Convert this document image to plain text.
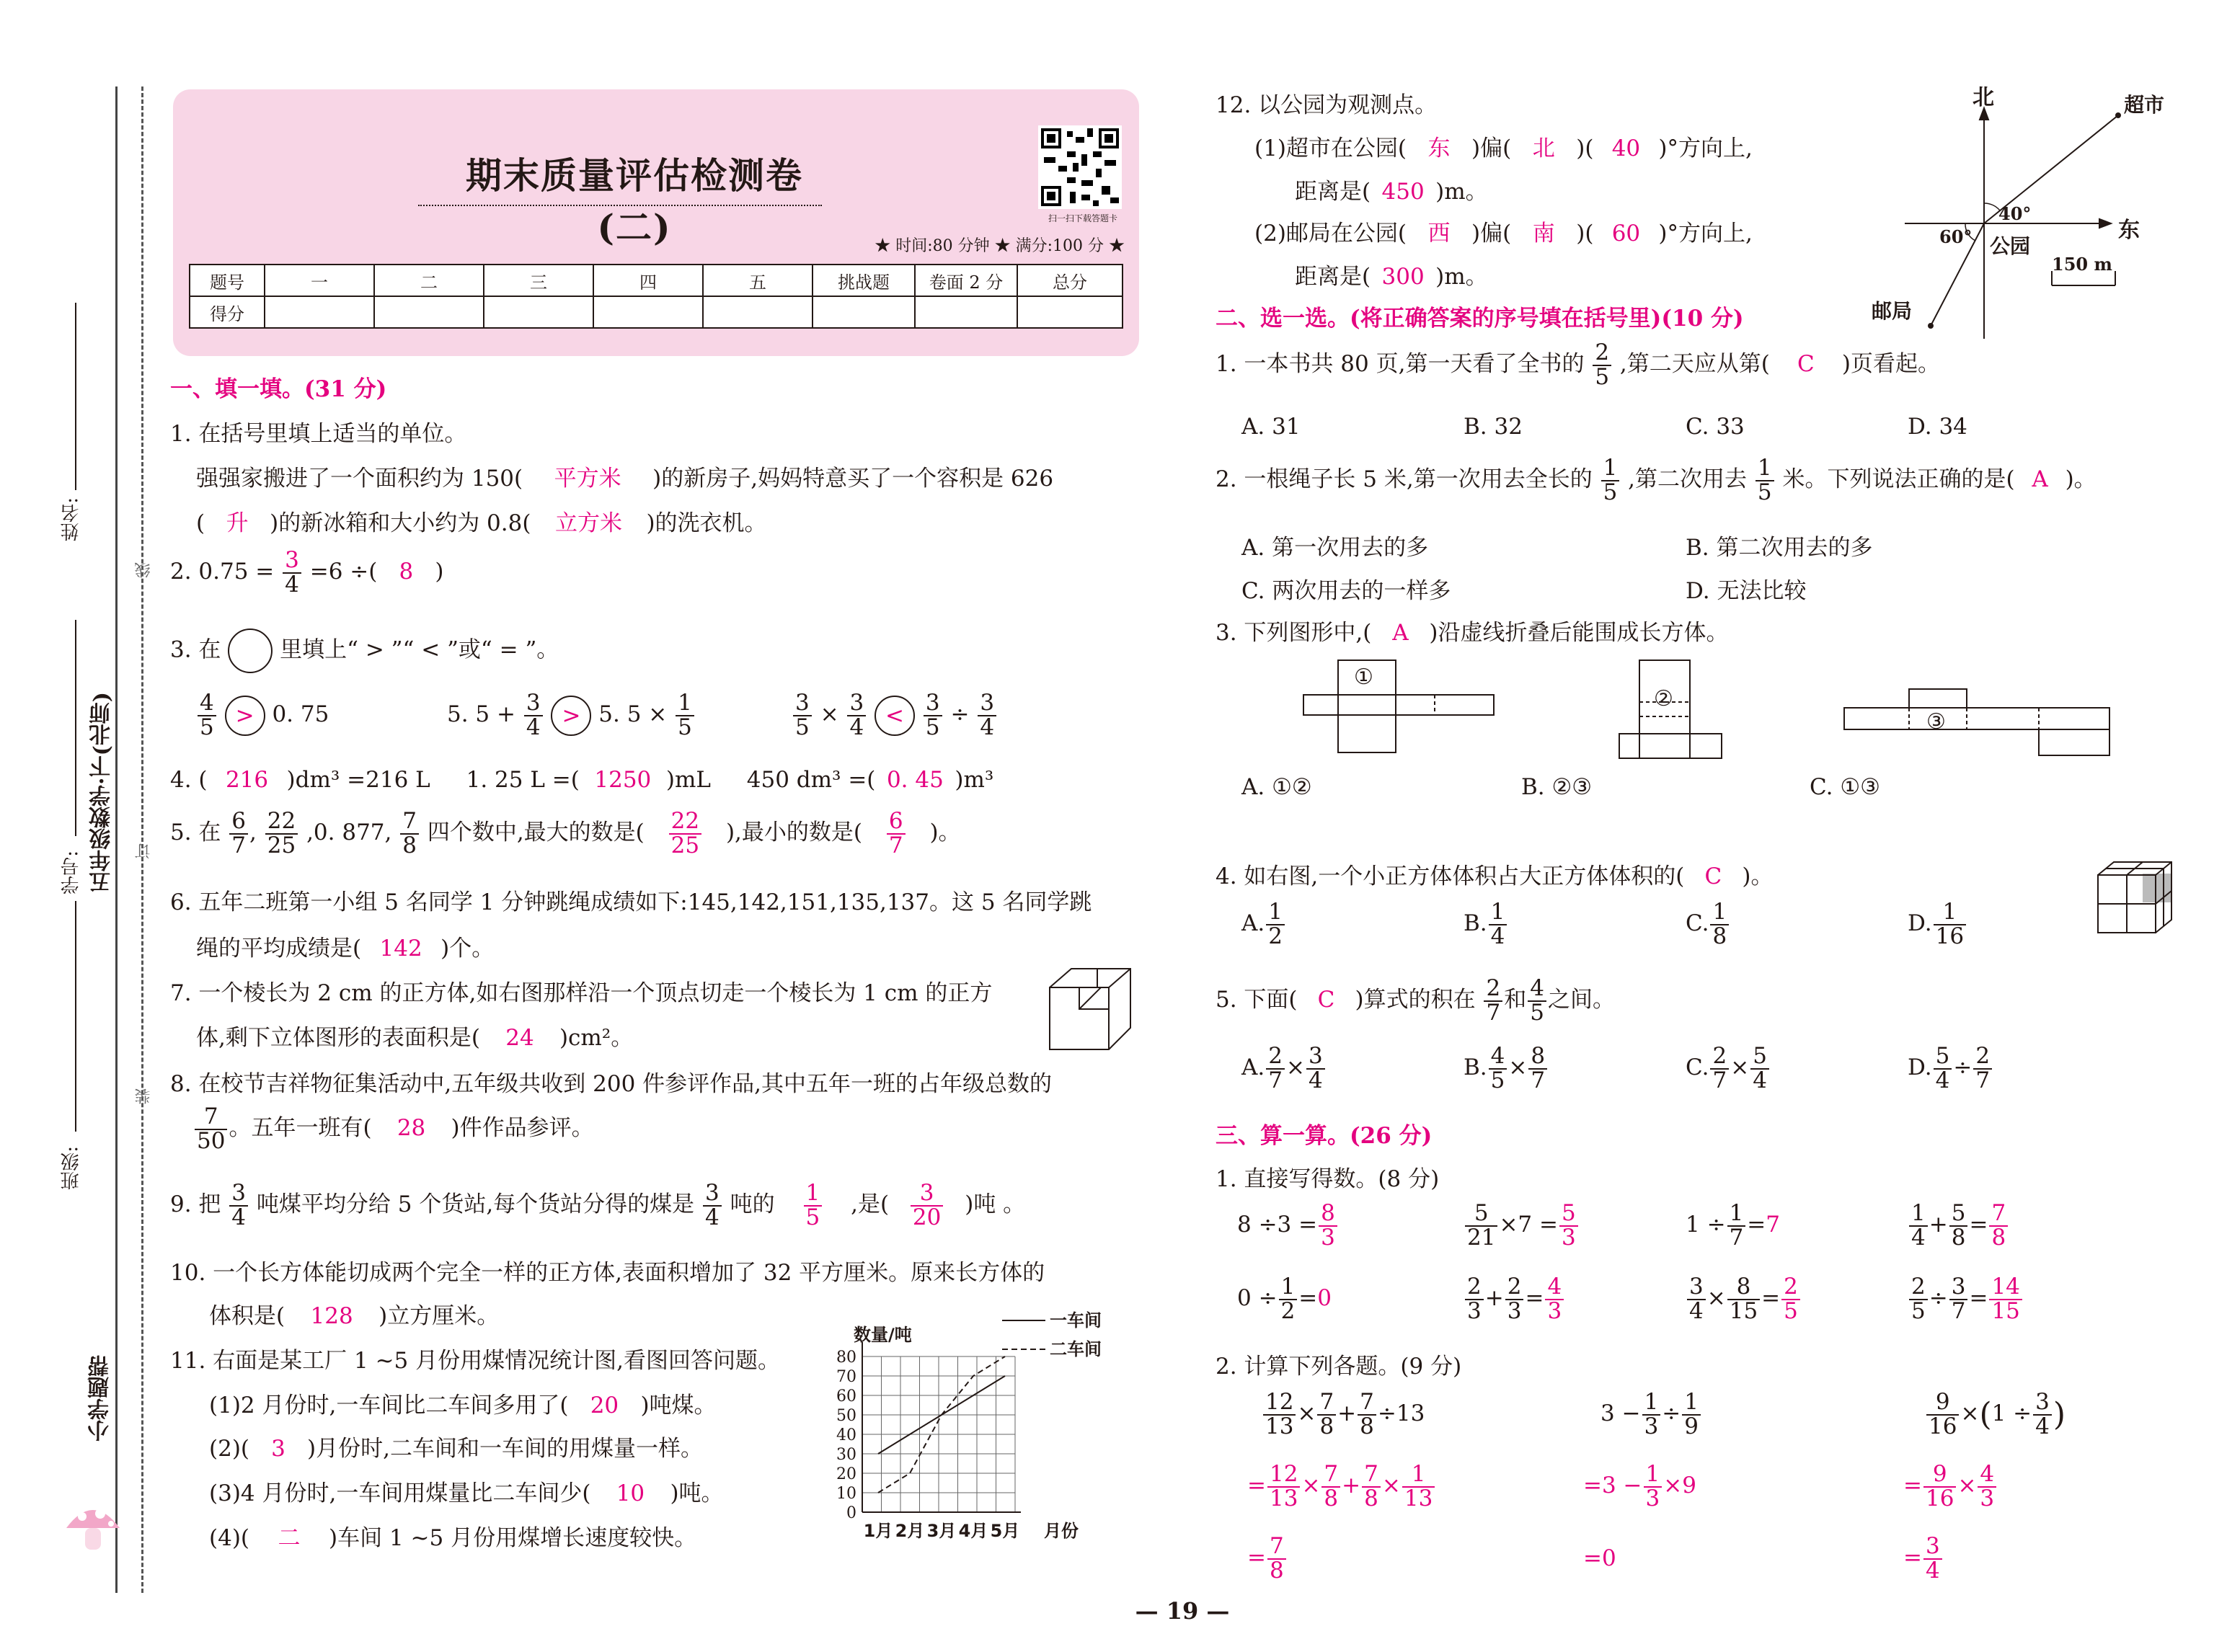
姓名:
学号:
班级:
五年级数学·下(北师)
小学题帮
线
订
装
期末质量评估检测卷(二)	扫一扫下载答题卡
★ 时间:80 分钟 ★ 满分:100 分 ★
题号	一	二	三	四	五	挑战题	卷面 2 分	总分
得分								
一、填一填。(31 分)
1. 在括号里填上适当的单位。
强强家搬进了一个面积约为 150( 平方米 )的新房子,妈妈特意买了一个容积是 626
( 升 )的新冰箱和大小约为 0.8( 立方米 )的洗衣机。
2. $0.75 = \frac{3}{4} =6$ ÷( 8 )
3. 在	里填上“ > ”“ < ”或“ = ”。
$\frac{4}{5} > 0$. 75	5. $5 + \frac{3}{4} > 5$. $5 \times \frac{1}{5}$	$\frac{3}{5} \times \frac{3}{4} < \frac{3}{5} \div \frac{3}{4}$
4. ( 216 )dm³ =216 L 1. 25 L =( 1250 )mL 450 dm³ =( 0. 45 )m³
5. 在 $\frac{6}{7}$ , $\frac{22}{25} ,0$. 877, $\frac{7}{8}$ 四个数中,最大的数是( $\frac{22}{25}$ ),最小的数是( $\frac{6}{7}$ )。
6. 五年二班第一小组 5 名同学 1 分钟跳绳成绩如下:145,142,151,135,137。这 5 名同学跳
绳的平均成绩是( 142 )个。
7. 一个棱长为 2 cm 的正方体,如右图那样沿一个顶点切走一个棱长为 1 cm 的正方
体,剩下立体图形的表面积是( 24 )cm²。
8. 在校节吉祥物征集活动中,五年级共收到 200 件参评作品,其中五年一班的占年级总数的
$\frac{7}{50}$ 。五年一班有( 28 )件作品参评。
9. 把 $\frac{3}{4}$ 吨煤平均分给 5 个货站,每个货站分得的煤是 $\frac{3}{4}$ 吨的 $\frac{1}{5}$ ,是( $\frac{3}{20}$ )吨 。
10. 一个长方体能切成两个完全一样的正方体,表面积增加了 32 平方厘米。原来长方体的
体积是( 128 )立方厘米。
11. 右面是某工厂 1 ~5 月份用煤情况统计图,看图回答问题。
(1)2 月份时,一车间比二车间多用了( 20 )吨煤。
(2)( 3 )月份时,二车间和一车间的用煤量一样。
(3)4 月份时,一车间用煤量比二车间少( 10 )吨。
(4)( 二 )车间 1 ~5 月份用煤增长速度较快。
0
10
20
30
40
50
60
70
80
数量/吨
1月 2月 3月 4月 5月 月份
一车间
二车间
12. 以公园为观测点。
(1)超市在公园( 东 )偏( 北 )( 40 )°方向上,
距离是( 450 )m。
(2)邮局在公园( 西 )偏( 南 )( 60 )°方向上,
距离是( 300 )m。
北
东
超市
公园
邮局
40°
60°
150 m
二、选一选。(将正确答案的序号填在括号里)(10 分)
1. 一本书共 80 页,第一天看了全书的 $\frac{2}{5}$ ,第二天应从第( C )页看起。
A. 31	B. 32	C. 33	D. 34
2. 一根绳子长 5 米,第一次用去全长的 $\frac{1}{5}$ ,第二次用去 $\frac{1}{5}$ 米。下列说法正确的是( A )。
A. 第一次用去的多	B. 第二次用去的多
C. 两次用去的一样多	D. 无法比较
3. 下列图形中,( A )沿虚线折叠后能围成长方体。
①
②
③
A. ①②	B. ②③	C. ①③
4. 如右图,一个小正方体体积占大正方体体积的( C )。
A. $\frac{1}{2}$	B. $\frac{1}{4}$	C. $\frac{1}{8}$	D. $\frac{1}{16}$
5. 下面( C )算式的积在 $\frac{2}{7}$ 和 $\frac{4}{5}$ 之间。
A. $\frac{2}{7} \times \frac{3}{4}$	B. $\frac{4}{5} \times \frac{8}{7}$	C. $\frac{2}{7} \times \frac{5}{4}$	D. $\frac{5}{4} \div \frac{2}{7}$
三、算一算。(26 分)
1. 直接写得数。(8 分)
$8 \div 3 = \frac{8}{3}$	$\frac{5}{21} \times 7 = \frac{5}{3}$	$1 \div \frac{1}{7} =7$	$\frac{1}{4} + \frac{5}{8} = \frac{7}{8}$
$0 \div \frac{1}{2} =0$	$\frac{2}{3} + \frac{2}{3} = \frac{4}{3}$	$\frac{3}{4} \times \frac{8}{15} = \frac{2}{5}$	$\frac{2}{5} \div \frac{3}{7} = \frac{14}{15}$
2. 计算下列各题。(9 分)
$\frac{12}{13} \times \frac{7}{8} + \frac{7}{8} \div 13$
= $\frac{12}{13} \times \frac{7}{8} + \frac{7}{8} \times \frac{1}{13}$
= $\frac{7}{8}$
$3 - \frac{1}{3} \div \frac{1}{9}$
$=3 - \frac{1}{3} \times 9$
=0
$\frac{9}{16} \times(1 \div \frac{3}{4}$ )
= $\frac{9}{16} \times \frac{4}{3}$
= $\frac{3}{4}$
— 19 —
